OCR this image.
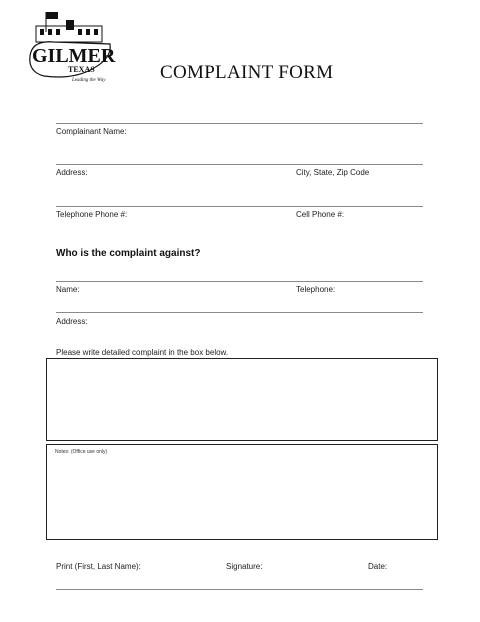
GILMER
TEXAS
Leading the Way	COMPLAINT FORM
Complainant Name:
Address:	City, State, Zip Code
Telephone Phone #:	Cell Phone #:
Who is the complaint against?
Name:	Telephone:
Address:
Please write detailed complaint in the box below.
Notes: (Office use only)
Print (First, Last Name):	Signature:	Date:
